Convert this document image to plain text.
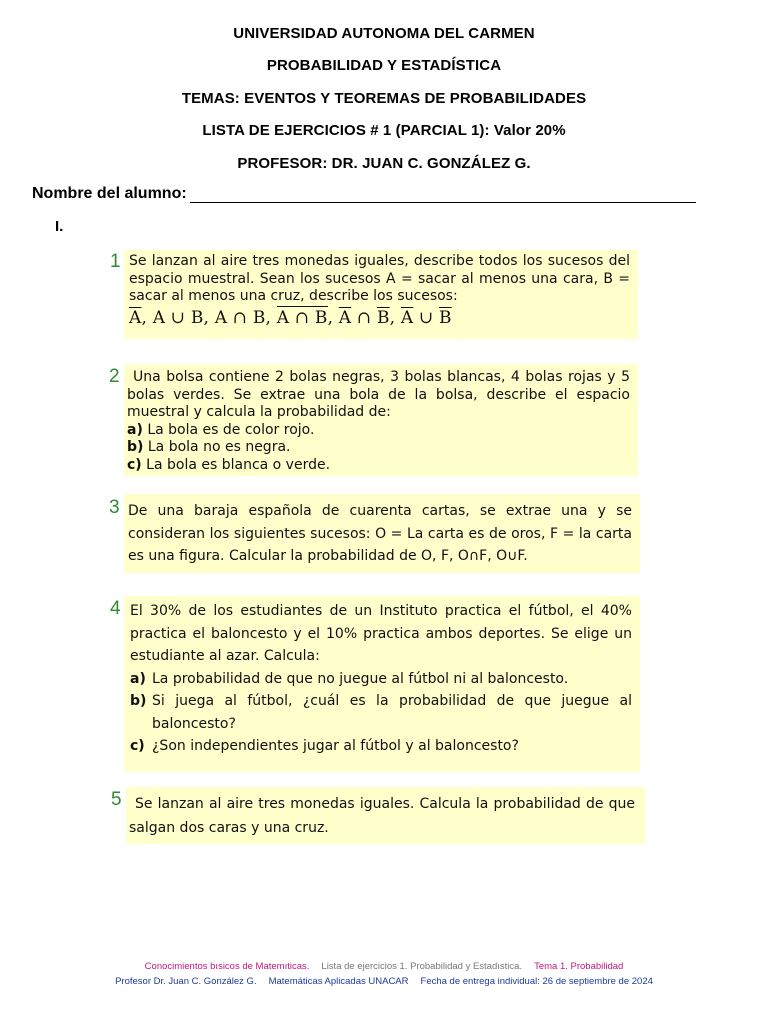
UNIVERSIDAD AUTONOMA DEL CARMEN
PROBABILIDAD Y ESTADÍSTICA
TEMAS: EVENTOS Y TEOREMAS DE PROBABILIDADES
LISTA DE EJERCICIOS # 1 (PARCIAL 1): Valor 20%
PROFESOR: DR. JUAN C. GONZÁLEZ G.
Nombre del alumno:
I.
1 Se lanzan al aire tres monedas iguales, describe todos los sucesos del espacio muestral. Sean los sucesos A = sacar al menos una cara, B = sacar al menos una cruz, describe los sucesos:

$\overline{A}$, A ∪ B, A ∩ B, A ∩ B, $\overline{A}$ ∩ $\overline{B}$, $\overline{A}$ ∪ $\overline{B}$
2 Una bolsa contiene 2 bolas negras, 3 bolas blancas, 4 bolas rojas y 5 bolas verdes. Se extrae una bola de la bolsa, describe el espacio muestral y calcula la probabilidad de:

a) La bola es de color rojo.
b) La bola no es negra.
c) La bola es blanca o verde.
3 De una baraja española de cuarenta cartas, se extrae una y se consideran los siguientes sucesos: O = La carta es de oros, F = la carta es una figura. Calcular la probabilidad de O, F, O∩F, O∪F.

4 El 30% de los estudiantes de un Instituto practica el fútbol, el 40% practica el baloncesto y el 10% practica ambos deportes. Se elige un estudiante al azar. Calcula:

a) La probabilidad de que no juegue al fútbol ni al baloncesto.
b) Si juega al fútbol, ¿cuál es la probabilidad de que juegue al baloncesto?
c) ¿Son independientes jugar al fútbol y al baloncesto?
5 Se lanzan al aire tres monedas iguales. Calcula la probabilidad de que salgan dos caras y una cruz.

Conocimientos bısicos de Matemıticas. Lista de ejercicios 1. Probabilidad y Estadıstica. Tema 1. Probabilidad
Profesor Dr. Juan C. González G. Matemáticas Aplicadas UNACAR Fecha de entrega individual: 26 de septiembre de 2024
